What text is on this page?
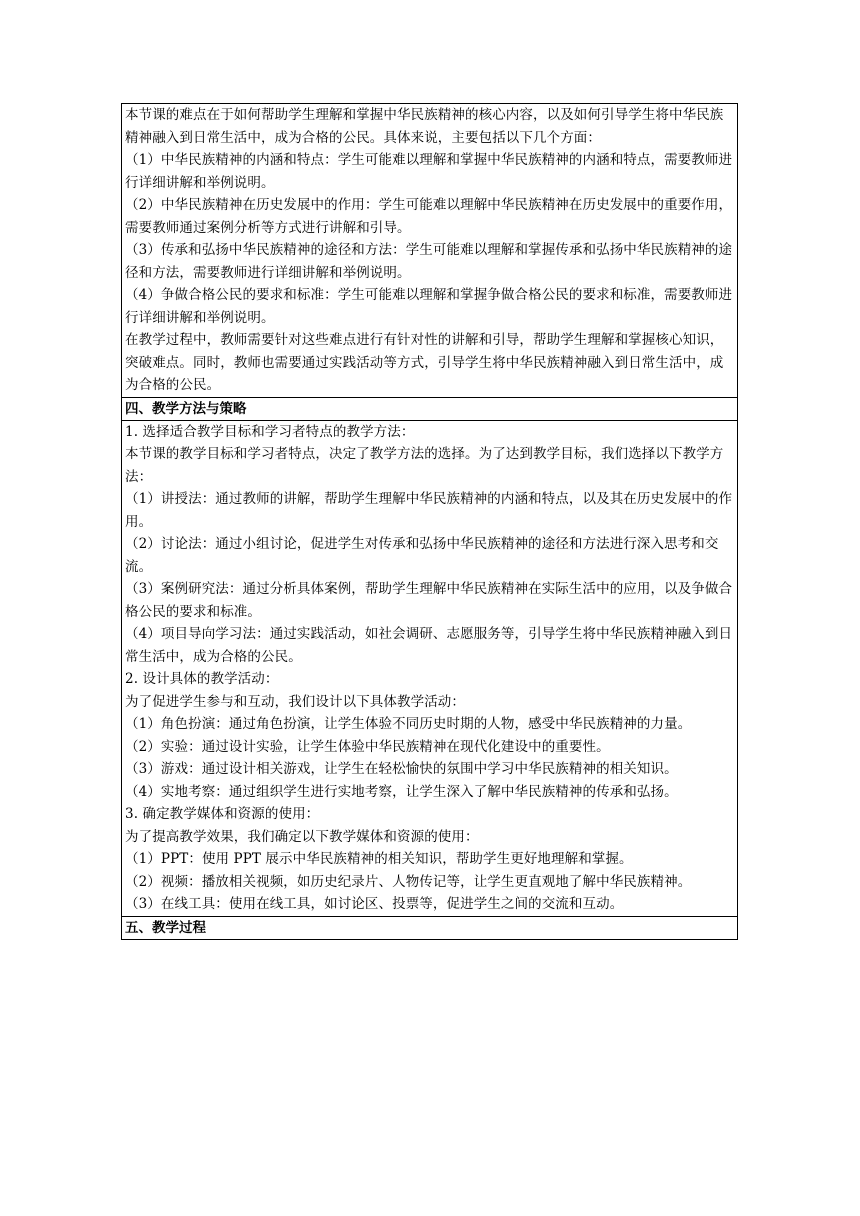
本节课的难点在于如何帮助学生理解和掌握中华民族精神的核心内容，以及如何引导学生将中华民族精神融入到日常生活中，成为合格的公民。具体来说，主要包括以下几个方面：
（1）中华民族精神的内涵和特点：学生可能难以理解和掌握中华民族精神的内涵和特点，需要教师进行详细讲解和举例说明。
（2）中华民族精神在历史发展中的作用：学生可能难以理解中华民族精神在历史发展中的重要作用，需要教师通过案例分析等方式进行讲解和引导。
（3）传承和弘扬中华民族精神的途径和方法：学生可能难以理解和掌握传承和弘扬中华民族精神的途径和方法，需要教师进行详细讲解和举例说明。
（4）争做合格公民的要求和标准：学生可能难以理解和掌握争做合格公民的要求和标准，需要教师进行详细讲解和举例说明。
在教学过程中，教师需要针对这些难点进行有针对性的讲解和引导，帮助学生理解和掌握核心知识，突破难点。同时，教师也需要通过实践活动等方式，引导学生将中华民族精神融入到日常生活中，成为合格的公民。

四、教学方法与策略

1. 选择适合教学目标和学习者特点的教学方法：
本节课的教学目标和学习者特点，决定了教学方法的选择。为了达到教学目标，我们选择以下教学方法：
（1）讲授法：通过教师的讲解，帮助学生理解中华民族精神的内涵和特点，以及其在历史发展中的作用。
（2）讨论法：通过小组讨论，促进学生对传承和弘扬中华民族精神的途径和方法进行深入思考和交流。
（3）案例研究法：通过分析具体案例，帮助学生理解中华民族精神在实际生活中的应用，以及争做合格公民的要求和标准。
（4）项目导向学习法：通过实践活动，如社会调研、志愿服务等，引导学生将中华民族精神融入到日常生活中，成为合格的公民。
2. 设计具体的教学活动：
为了促进学生参与和互动，我们设计以下具体教学活动：
（1）角色扮演：通过角色扮演，让学生体验不同历史时期的人物，感受中华民族精神的力量。
（2）实验：通过设计实验，让学生体验中华民族精神在现代化建设中的重要性。
（3）游戏：通过设计相关游戏，让学生在轻松愉快的氛围中学习中华民族精神的相关知识。
（4）实地考察：通过组织学生进行实地考察，让学生深入了解中华民族精神的传承和弘扬。
3. 确定教学媒体和资源的使用：
为了提高教学效果，我们确定以下教学媒体和资源的使用：
（1）PPT：使用 PPT 展示中华民族精神的相关知识，帮助学生更好地理解和掌握。
（2）视频：播放相关视频，如历史纪录片、人物传记等，让学生更直观地了解中华民族精神。
（3）在线工具：使用在线工具，如讨论区、投票等，促进学生之间的交流和互动。

五、教学过程
